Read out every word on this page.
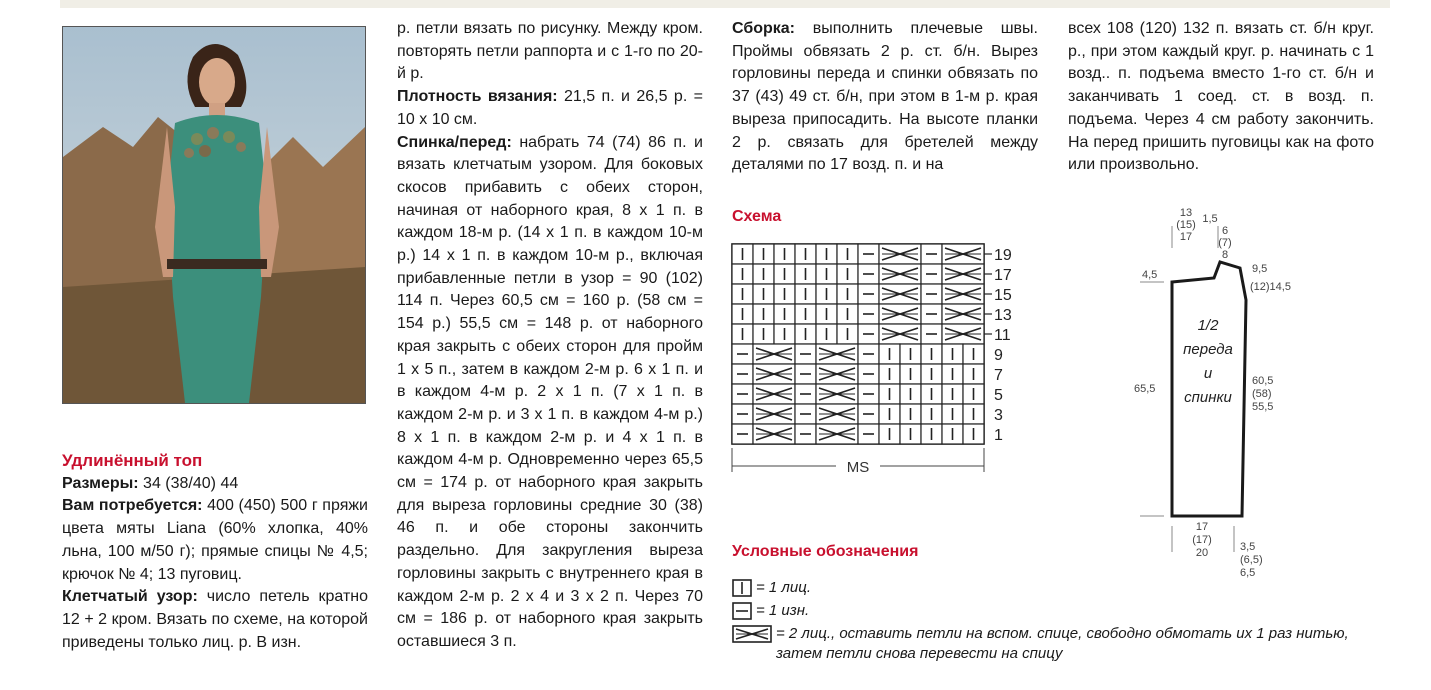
Удлинённый топ

Размеры: 34 (38/40) 44

Вам потребуется: 400 (450) 500 г пряжи цвета мяты Liana (60% хлопка, 40% льна, 100 м/50 г); прямые спицы № 4,5; крючок № 4; 13 пуговиц.

Клетчатый узор: число петель кратно 12 + 2 кром. Вязать по схеме, на которой приведены только лиц. р. В изн.

р. петли вязать по рисунку. Между кром. повторять петли раппорта и с 1-го по 20-й р.

Плотность вязания: 21,5 п. и 26,5 р. = 10 х 10 см.

Спинка/перед: набрать 74 (74) 86 п. и вязать клетчатым узором. Для боковых скосов прибавить с обеих сторон, начиная от наборного края, 8 х 1 п. в каждом 18-м р. (14 х 1 п. в каждом 10-м р.) 14 х 1 п. в каждом 10-м р., включая прибавленные петли в узор = 90 (102) 114 п. Через 60,5 см = 160 р. (58 см = 154 р.) 55,5 см = 148 р. от наборного края закрыть с обеих сторон для пройм 1 х 5 п., затем в каждом 2-м р. 6 х 1 п. и в каждом 4-м р. 2 х 1 п. (7 х 1 п. в каждом 2-м р. и 3 х 1 п. в каждом 4-м р.) 8 х 1 п. в каждом 2-м р. и 4 х 1 п. в каждом 4-м р. Одновременно через 65,5 см = 174 р. от наборного края закрыть для выреза горловины средние 30 (38) 46 п. и обе стороны закончить раздельно. Для закругления выреза горловины закрыть с внутреннего края в каждом 2-м р. 2 х 4 и 3 х 2 п. Через 70 см = 186 р. от наборного края закрыть оставшиеся 3 п.

Сборка: выполнить плечевые швы. Проймы обвязать 2 р. ст. б/н. Вырез горловины переда и спинки обвязать по 37 (43) 49 ст. б/н, при этом в 1-м р. края выреза припосадить. На высоте планки 2 р. связать для бретелей между деталями по 17 возд. п. и на

всех 108 (120) 132 п. вязать ст. б/н круг. р., при этом каждый круг. р. начинать с 1 возд.. п. подъема вместо 1-го ст. б/н и заканчивать 1 соед. ст. в возд. п. подъема. Через 4 см работу закончить. На перед пришить пуговицы как на фото или произвольно.

Схема
19
17
15
13
11
9
7
5
3
1
MS
Условные обозначения
= 1 лиц.
= 1 изн.
= 2 лиц., оставить петли на вспом. спице, свободно обмотать их 1 раз нитью,
затем петли снова перевести на спицу
13
(15)
17
1,5
6
(7)
8
4,5	9,5
(12)14,5
65,5
60,5
(58)
55,5
17
(17)
20	3,5
(6,5)
6,5
1/2
переда
и
спинки
